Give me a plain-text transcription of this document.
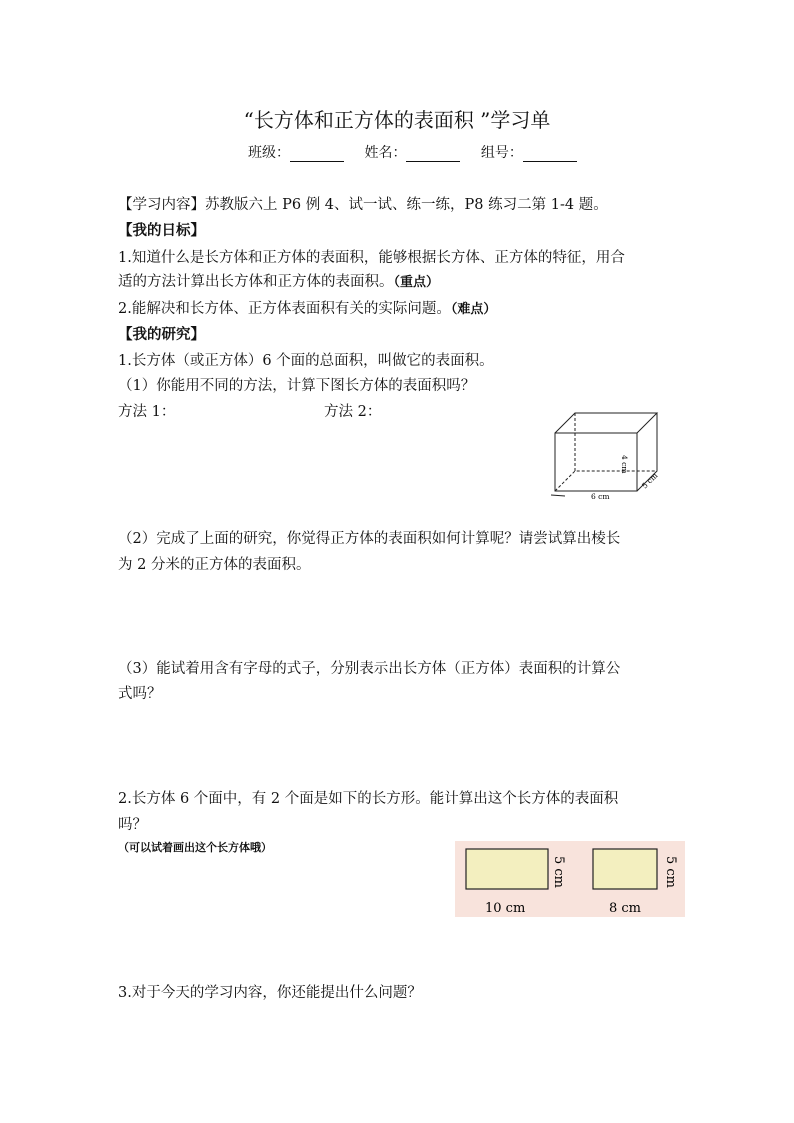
“长方体和正方体的表面积 ”学习单
班级：	姓名：	组号：
【学习内容】苏教版六上 P6 例 4、试一试、练一练，P8 练习二第 1-4 题。
【我的日标】
1.知道什么是长方体和正方体的表面积，能够根据长方体、正方体的特征，用合
适的方法计算出长方体和正方体的表面积。（重点）
2.能解决和长方体、正方体表面积有关的实际问题。（难点）
【我的研究】
1.长方体（或正方体）6 个面的总面积，叫做它的表面积。
（1）你能用不同的方法，计算下图长方体的表面积吗？
方法 1：	方法 2：
6 cm
5 cm
4 cm
（2）完成了上面的研究，你觉得正方体的表面积如何计算呢？请尝试算出棱长
为 2 分米的正方体的表面积。
（3）能试着用含有字母的式子，分别表示出长方体（正方体）表面积的计算公
式吗？
2.长方体 6 个面中，有 2 个面是如下的长方形。能计算出这个长方体的表面积
吗？
（可以试着画出这个长方体哦）
10 cm
5 cm
8 cm
5 cm
3.对于今天的学习内容，你还能提出什么问题？
